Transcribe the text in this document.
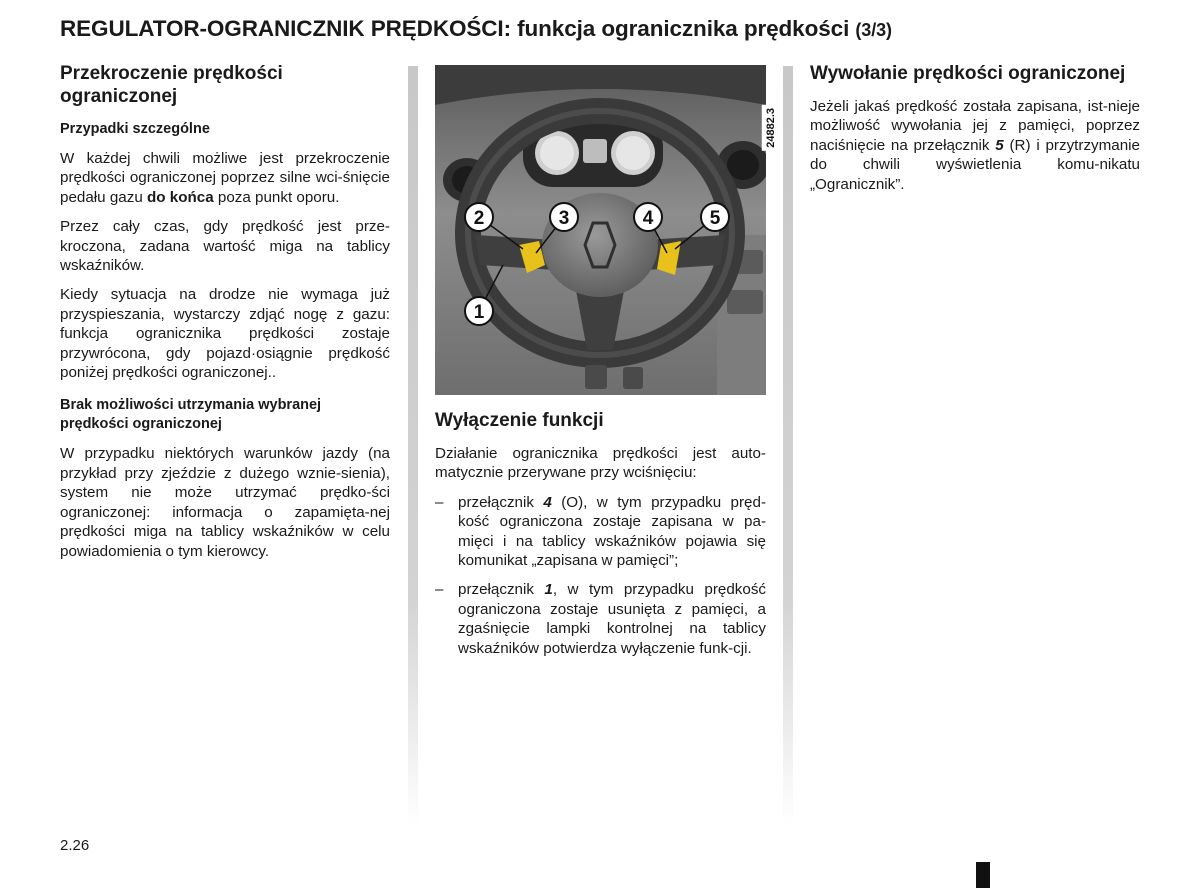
REGULATOR-OGRANICZNIK PRĘDKOŚCI: funkcja ogranicznika prędkości (3/3)
Przekroczenie prędkości ograniczonej
Przypadki szczególne

W każdej chwili możliwe jest przekroczenie prędkości ograniczonej poprzez silne wci-śnięcie pedału gazu do końca poza punkt oporu.

Przez cały czas, gdy prędkość jest prze-kroczona, zadana wartość miga na tablicy wskaźników.

Kiedy sytuacja na drodze nie wymaga już przyspieszania, wystarczy zdjąć nogę z gazu: funkcja ogranicznika prędkości zostaje przywrócona, gdy pojazd·osiągnie prędkość poniżej prędkości ograniczonej..

Brak możliwości utrzymania wybranej prędkości ograniczonej

W przypadku niektórych warunków jazdy (na przykład przy zjeździe z dużego wznie-sienia), system nie może utrzymać prędko-ści ograniczonej: informacja o zapamięta-nej prędkości miga na tablicy wskaźników w celu powiadomienia o tym kierowcy.

1
2	3	4	5
24882.3
Wyłączenie funkcji

Działanie ogranicznika prędkości jest auto-matycznie przerywane przy wciśnięciu:

– przełącznik 4 (O), w tym przypadku pręd-kość ograniczona zostaje zapisana w pa-mięci i na tablicy wskaźników pojawia się komunikat „zapisana w pamięci”;
– przełącznik 1, w tym przypadku prędkość ograniczona zostaje usunięta z pamięci, a zgaśnięcie lampki kontrolnej na tablicy wskaźników potwierdza wyłączenie funk-cji.
Wywołanie prędkości ograniczonej

Jeżeli jakaś prędkość została zapisana, ist-nieje możliwość wywołania jej z pamięci, poprzez naciśnięcie na przełącznik 5 (R) i przytrzymanie do chwili wyświetlenia komu-nikatu „Ogranicznik”.

2.26
